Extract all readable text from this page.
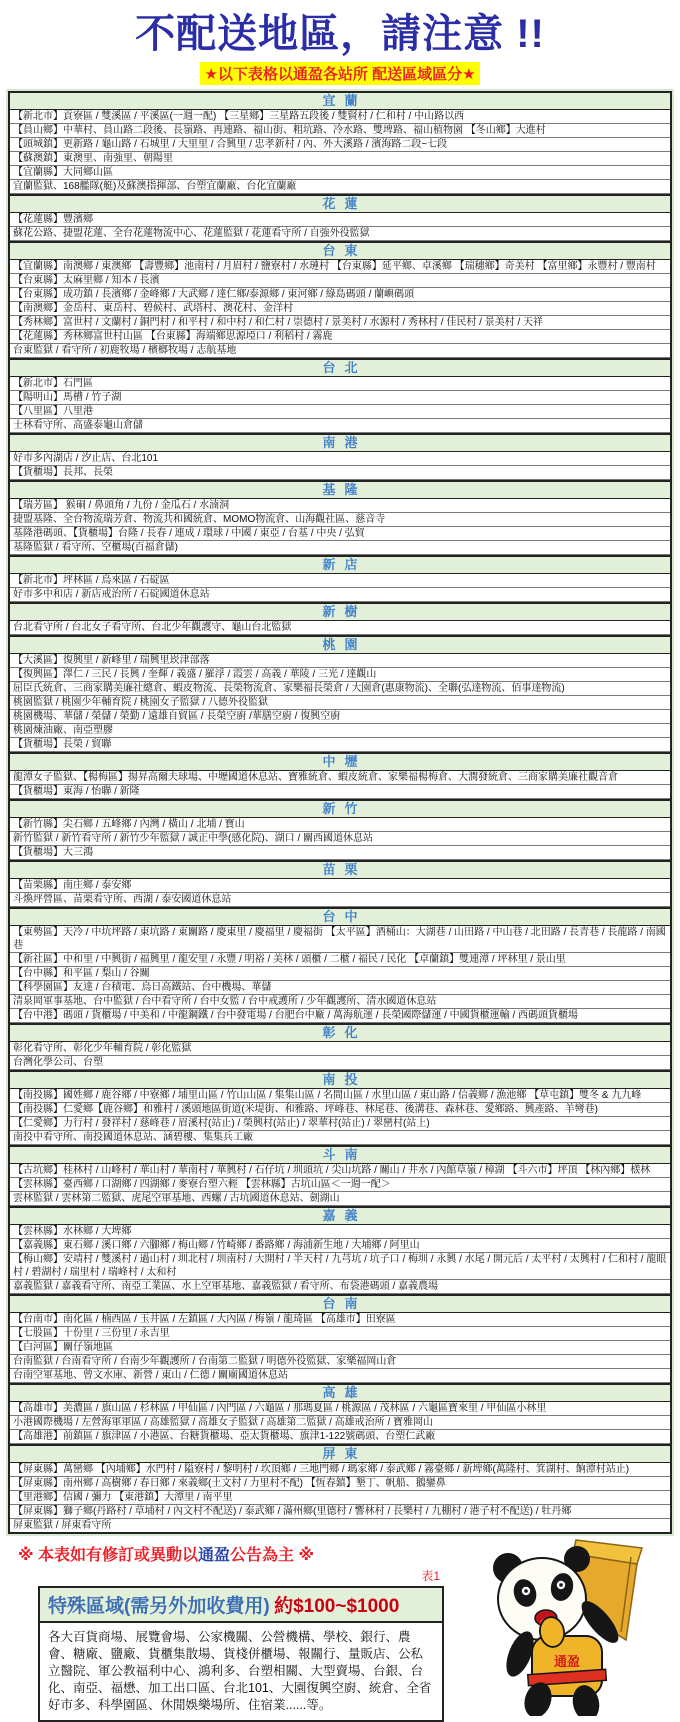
不配送地區，請注意 !!
★以下表格以通盈各站所 配送區域區分★
宜蘭
【新北市】貢寮區 / 雙溪區 / 平溪區(一週一配) 【三星鄉】三星路五段後 / 雙賢村 / 仁和村 / 中山路以西
【員山鄉】中華村、員山路二段後、長嶺路、再連路、福山街、粗坑路、冷水路、雙埤路、福山植物園 【冬山鄉】大進村
【頭城鎮】更新路 / 龜山路 / 石城里 / 大里里 / 合興里 / 忠孝新村 / 內、外大溪路 / 濱海路二段~七段
【蘇澳鎮】東澳里、南強里、朝陽里
【宜蘭縣】大同鄉山區
宜蘭監獄、168艦隊(艇)及蘇澳指揮部、台塑宜蘭廠、台化宜蘭廠
花蓮
【花蓮縣】豐濱鄉
蘇花公路、捷盟花蓮、全台花蓮物流中心、花蓮監獄 / 花蓮看守所 / 自強外役監獄
台東
【宜蘭縣】南澳鄉 / 東澳鄉 【壽豐鄉】池南村 / 月眉村 / 鹽寮村 / 水璉村 【台東縣】延平鄉、卓溪鄉 【瑞穗鄉】奇美村 【富里鄉】永豐村 / 豐南村
【台東縣】太麻里鄉 / 知本 / 長濱
【台東縣】成功鎮 / 長濱鄉 / 金峰鄉 / 大武鄉 / 達仁鄉/泰源鄉 / 東河鄉 / 綠島碼頭 / 蘭嶼碼頭
【南澳鄉】金岳村、東岳村、碧候村、武塔村、澳花村、金洋村
【秀林鄉】富世村 / 文蘭村 / 銅門村 / 和平村 / 和中村 / 和仁村 / 崇德村 / 景美村 / 水源村 / 秀林村 / 佳民村 / 景美村 / 天祥
【花蓮縣】秀林鄉富世村山區 【台東縣】海端鄉思源埡口 / 利稻村 / 霧鹿
台東監獄 / 看守所 / 初鹿牧場 / 檳榔牧場 / 志航基地
台北
【新北市】石門區
【陽明山】馬槽 / 竹子湖
【八里區】八里港
士林看守所、高盛泰龜山倉儲
南港
好市多內湖店 / 汐止店、台北101
【貨櫃場】長邦、長榮
基隆
【瑞芳區】 猴硐 / 鼻頭角 / 九份 / 金瓜石 / 水湳洞
捷盟基隆、全台物流瑞芳倉、物流共和國統倉、MOMO物流倉、山海觀社區、慈音寺
基隆港碼頭、【貨櫃場】台隆 / 長春 / 連成 / 環球 / 中國 / 東亞 / 台基 / 中央 / 弘貿
基隆監獄 / 看守所、空櫃場(百福倉儲)
新店
【新北市】坪林區 / 烏來區 / 石碇區
好市多中和店 / 新店戒治所 / 石碇國道休息站
新樹
台北看守所 / 台北女子看守所、台北少年觀護守、龜山台北監獄
桃園
【大溪區】復興里 / 新峰里 / 瑞興里崁津部落
【復興區】澤仁 / 三民 / 長興 / 奎輝 / 義盛 / 羅浮 / 霞雲 / 高義 / 華陵 / 三光 / 達觀山
屈臣氏統倉、三商家購美廉社總倉、蝦皮物流、長榮物流倉、家樂福長榮倉 / 大園倉(惠康物流)、全聯(弘達物流、佰事達物流)
桃園監獄 / 桃園少年輔育院 / 桃園女子監獄 / 八德外役監獄
桃園機場、華儲 / 榮儲 / 榮勤 / 遠雄自貿區 / 長榮空廚 /華膳空廚 / 復興空廚
桃園煉油廠、南亞塑膠
【貨櫃場】長榮 / 貿聯
中壢
龍潭女子監獄、【楊梅區】揚昇高爾夫球場、中壢國道休息站、寶雅統倉、蝦皮統倉、家樂福楊梅倉、大潤發統倉、三商家購美廉社觀音倉
【貨櫃場】東海 / 怡聯 / 新隆
新竹
【新竹縣】尖石鄉 / 五峰鄉 / 內灣 / 橫山 / 北埔 / 寶山
新竹監獄 / 新竹看守所 / 新竹少年監獄 / 誠正中學(感化院)、湖口 / 關西國道休息站
【貨櫃場】大三鴻
苗栗
【苗栗縣】南庄鄉 / 泰安鄉
斗煥坪營區、苗栗看守所、西湖 / 泰安國道休息站
台中
【東勢區】天冷 / 中坑坪路 / 東坑路 / 東關路 / 慶東里 / 慶福里 / 慶福街 【太平區】酒桶山：大湖巷 / 山田路 / 中山巷 / 北田路 / 長青巷 / 長龍路 / 南國巷
【新社區】中和里 / 中興街 / 福興里 / 龍安里 / 永豐 / 明裕 / 美林 / 頭櫃 / 二櫃 / 福民 / 民化 【卓蘭鎮】雙連潭 / 坪林里 / 景山里
【台中縣】和平區 / 梨山 / 谷關
【科學園區】友達 / 台積電、烏日高鐵站、台中機場、華儲
清泉岡軍事基地、台中監獄 / 台中看守所 / 台中女監 / 台中戒護所 / 少年觀護所、清水國道休息站
【台中港】碼頭 / 貨櫃場 / 中美和 / 中龍鋼鐵 / 台中發電場 / 台肥台中廠 / 萬海航運 / 長榮國際儲運 / 中國貨櫃運輸 / 西碼頭貨櫃場
彰化
彰化看守所、彰化少年輔育院 / 彰化監獄
台灣化學公司、台塑
南投
【南投縣】國姓鄉 / 鹿谷鄉 / 中寮鄉 / 埔里山區 / 竹山山區 / 集集山區 / 名間山區 / 水里山區 / 東山路 / 信義鄉 / 漁池鄉 【草屯鎮】雙冬 & 九九峰
【南投縣】仁愛鄉【鹿谷鄉】和雅村 / 溪頭地區街道(米堤街、和雅路、坪峰巷、林尾巷、後溝巷、森林巷、愛鄉路、興產路、羊彎巷)
【仁愛鄉】力行村 / 發祥村 / 慈峰巷 / 眉溪村(站止) / 榮興村(站止) / 翠華村(站止) / 翠巒村(站上)
南投中看守所、南投國道休息站、涵碧樓、集集兵工廠
斗南
【古坑鄉】桂林村 / 山峰村 / 華山村 / 華南村 / 華興村 / 石仔坑 / 圳頭坑 / 尖山坑路 / 關山 / 井水 / 內館草嶺 / 樟湖 【斗六市】坪頂 【林內鄉】檨林
【雲林縣】臺西鄉 / 口湖鄉 / 四湖鄉 / 麥寮台塑六輕 【雲林縣】古坑山區＜一週一配＞
雲林監獄 / 雲林第二監獄、虎尾空軍基地、西螺 / 古坑國道休息站、劍湖山
嘉義
【雲林縣】水林鄉 / 大埤鄉
【嘉義縣】東石鄉 / 溪口鄉 / 六腳鄉 / 梅山鄉 / 竹崎鄉 / 番路鄉 / 海浦新生地 / 大埔鄉 / 阿里山
【梅山鄉】安靖村 / 雙溪村 / 過山村 / 圳北村 / 圳南村 / 大開村 / 半天村 / 九芎坑 / 坑子口 / 梅圳 / 永興 / 水尾 / 開元后 / 太平村 / 太興村 / 仁和村 / 龍眼村 / 碧湖村 / 瑞里村 / 瑞峰村 / 太和村
嘉義監獄 / 嘉義看守所、南亞工業區、水上空軍基地、嘉義監獄 / 看守所、布袋港碼頭 / 嘉義農場
台南
【台南市】南化區 / 楠西區 / 玉井區 / 左鎮區 / 大內區 / 梅嶺 / 龍琦區 【高雄市】田寮區
【七股區】十份里 / 三份里 / 永吉里
【白河區】關仔嶺地區
台南監獄 / 台南看守所 / 台南少年觀護所 / 台南第二監獄 / 明德外役監獄、家樂福岡山倉
台南空軍基地、曾文水庫、新營 / 東山 / 仁德 / 關廟國道休息站
高雄
【高雄市】美濃區 / 旗山區 / 杉林區 / 甲仙區 / 內門區 / 六龜區 / 那瑪夏區 / 桃源區 / 茂林區 / 六龜區寶來里 / 甲仙區小林里
小港國際機場 / 左營海軍軍區 / 高雄監獄 / 高雄女子監獄 / 高雄第二監獄 / 高雄戒治所 / 寶雅岡山
【高雄港】前鎮區 / 旗津區 / 小港區、台糖貨櫃場、亞太貨櫃場、旗津1-122號碼頭、台塑仁武廠
屏東
【屏東縣】萬巒鄉 【內埔鄉】水門村 / 隘寮村 / 黎明村 / 坎頂鄉 / 三地門鄉 / 瑪家鄉 / 泰武鄉 / 霧臺鄉 / 新埤鄉(萬隆村、箕湖村、餉潭村站止)
【屏東縣】南州鄉 / 高樹鄉 / 春日鄉 / 來義鄉(土文村 / 力里村不配) 【恆春鎮】墾丁、帆船、鵝鑾鼻
【里港鄉】信國 / 彌力 【東港鎮】大潭里 / 南平里
【屏東縣】獅子鄉(丹路村 / 草埔村 / 內文村不配送) / 泰武鄉 / 滿州鄉(里德村 / 響林村 / 長樂村 / 九棚村 / 港子村不配送) / 牡丹鄉
屏東監獄 / 屏東看守所
※ 本表如有修訂或異動以通盈公告為主 ※
表1
特殊區域(需另外加收費用) 約$100~$1000
各大百貨商場、展覽會場、公家機關、公營機構、學校、銀行、農會、糖廠、鹽廠、貨櫃集散場、貨棧併櫃場、報關行、量販店、公私立醫院、軍公教福利中心、鴻利多、台塑相關、大型賣場、台銀、台化、南亞、福懋、加工出口區、台北101、大園復興空廚、統倉、全省好市多、科學園區、休閒娛樂場所、住宿業......等。
通盈
